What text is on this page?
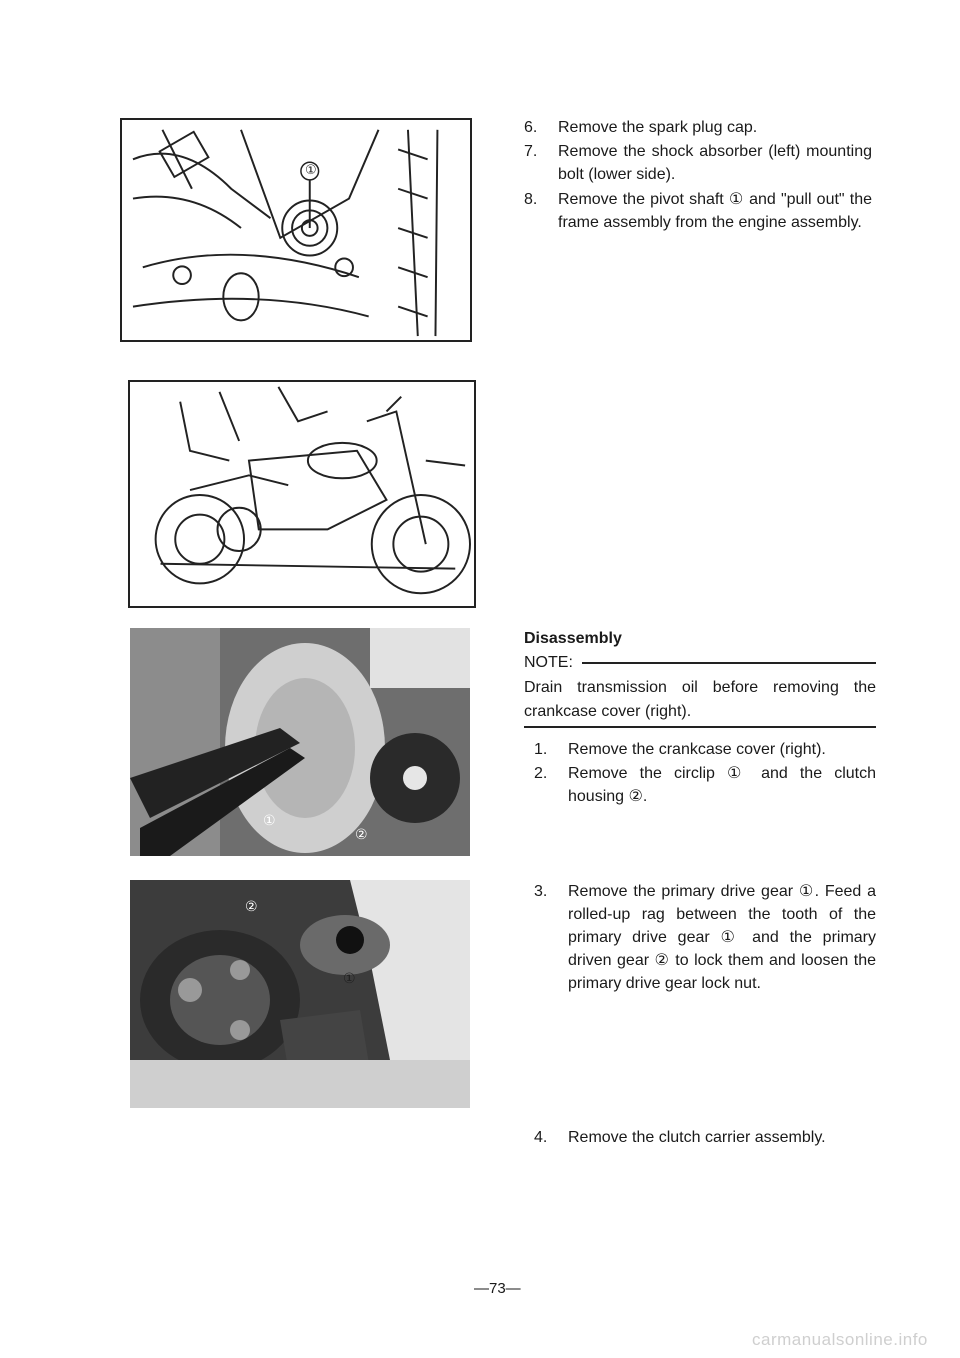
①
①
②
②
①
6. Remove the spark plug cap.
7. Remove the shock absorber (left) mounting bolt (lower side).
8. Remove the pivot shaft ① and "pull out" the frame assembly from the engine assembly.
Disassembly
NOTE:
Drain transmission oil before removing the crankcase cover (right).
1. Remove the crankcase cover (right).
2. Remove the circlip ① and the clutch housing ②.
3. Remove the primary drive gear ①. Feed a rolled-up rag between the tooth of the primary drive gear ① and the primary driven gear ② to lock them and loosen the primary drive gear lock nut.
4. Remove the clutch carrier assembly.
—73—
carmanualsonline.info
